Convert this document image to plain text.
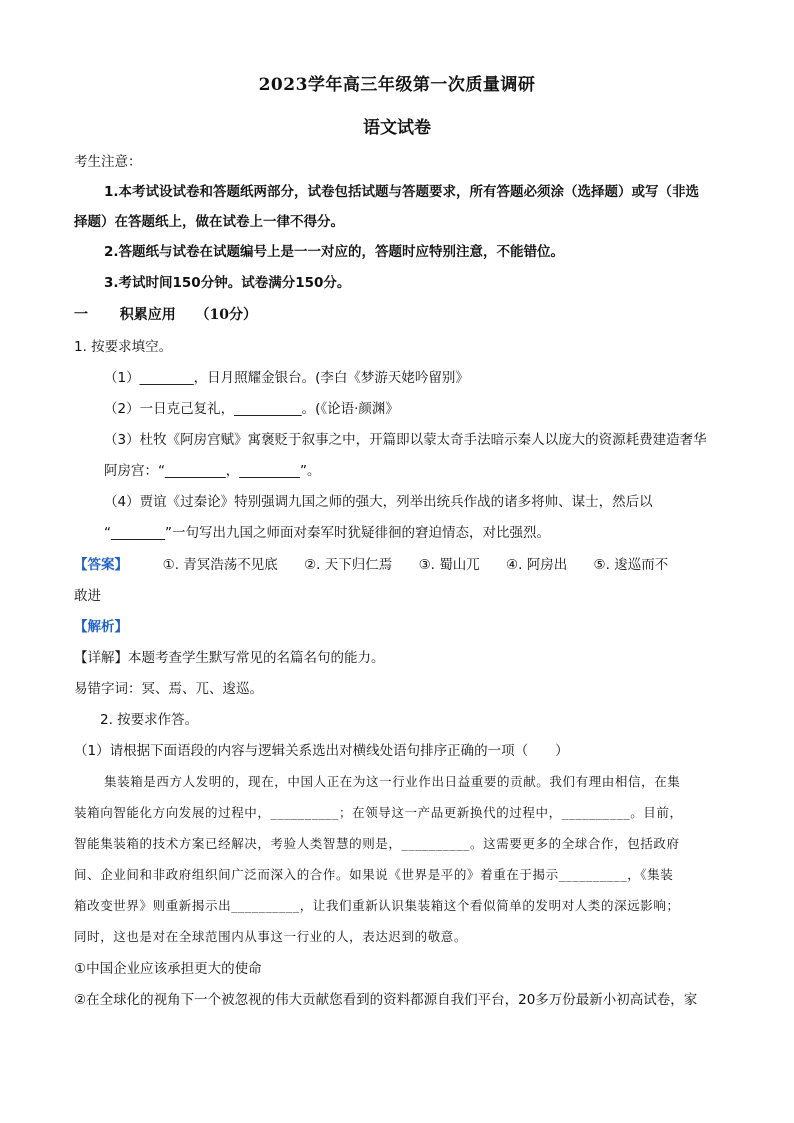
2023学年高三年级第一次质量调研
语文试卷
考生注意：
1.本考试设试卷和答题纸两部分，试卷包括试题与答题要求，所有答题必须涂（选择题）或写（非选
择题）在答题纸上，做在试卷上一律不得分。
2.答题纸与试卷在试题编号上是一一对应的，答题时应特别注意，不能错位。
3.考试时间150分钟。试卷满分150分。
一 积累应用 （10分）
1. 按要求填空。
（1）________，日月照耀金银台。(李白《梦游天姥吟留别》
（2）一日克己复礼，__________。(《论语·颜渊》
（3）杜牧《阿房宫赋》寓褒贬于叙事之中，开篇即以蒙太奇手法暗示秦人以庞大的资源耗费建造奢华
阿房宫：“_________，_________”。
（4）贾谊《过秦论》特别强调九国之师的强大，列举出统兵作战的诸多将帅、谋士，然后以
“________”一句写出九国之师面对秦军时犹疑徘徊的窘迫情态，对比强烈。
【答案】	①. 青冥浩荡不见底 ②. 天下归仁焉 ③. 蜀山兀 ④. 阿房出 ⑤. 逡巡而不
敢进
【解析】
【详解】本题考查学生默写常见的名篇名句的能力。
易错字词：冥、焉、兀、逡巡。
2. 按要求作答。
（1）请根据下面语段的内容与逻辑关系选出对横线处语句排序正确的一项（　　）
集装箱是西方人发明的，现在，中国人正在为这一行业作出日益重要的贡献。我们有理由相信，在集
装箱向智能化方向发展的过程中，__________；在领导这一产品更新换代的过程中，__________。目前，
智能集装箱的技术方案已经解决，考验人类智慧的则是，__________。这需要更多的全球合作，包括政府
间、企业间和非政府组织间广泛而深入的合作。如果说《世界是平的》着重在于揭示__________，《集装
箱改变世界》则重新揭示出__________，让我们重新认识集装箱这个看似简单的发明对人类的深远影响；
同时，这也是对在全球范围内从事这一行业的人，表达迟到的敬意。
①中国企业应该承担更大的使命
②在全球化的视角下一个被忽视的伟大贡献您看到的资料都源自我们平台，20多万份最新小初高试卷，家
